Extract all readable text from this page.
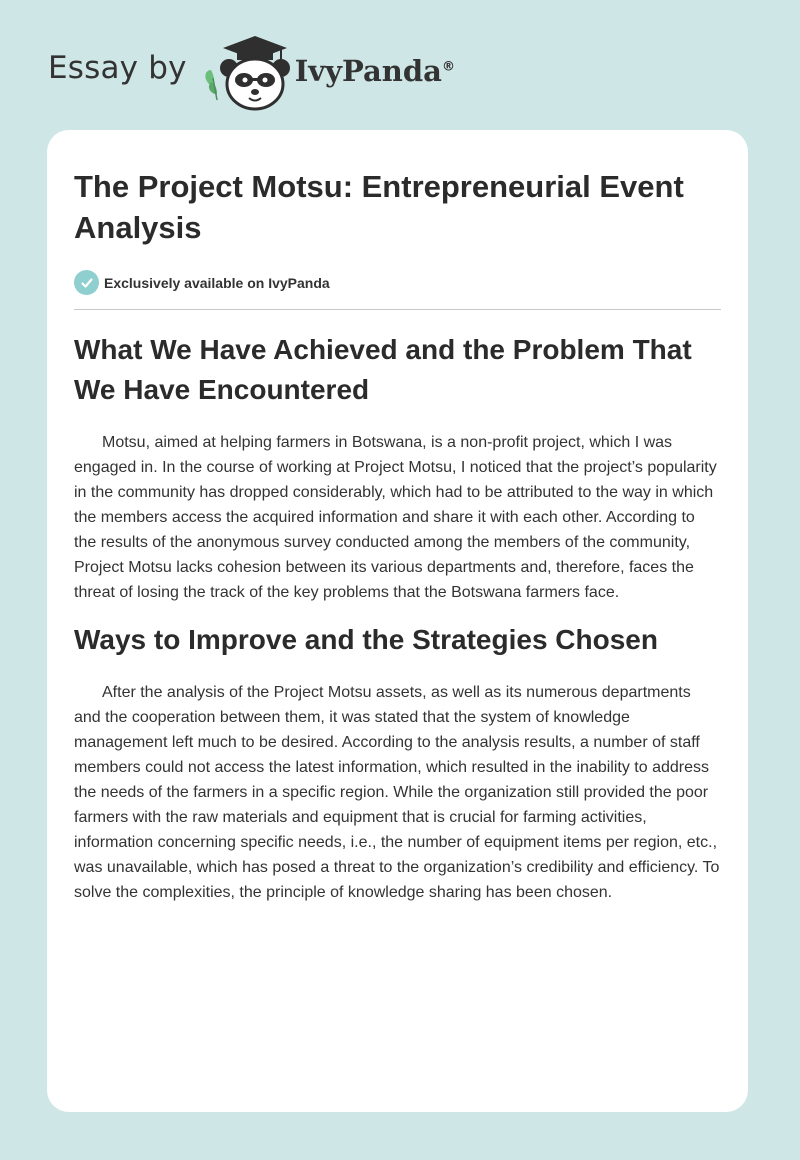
Essay by	IvyPanda®
The Project Motsu: Entrepreneurial Event Analysis
Exclusively available on IvyPanda
What We Have Achieved and the Problem That We Have Encountered

Motsu, aimed at helping farmers in Botswana, is a non-profit project, which I was engaged in. In the course of working at Project Motsu, I noticed that the project’s popularity in the community has dropped considerably, which had to be attributed to the way in which the members access the acquired information and share it with each other. According to the results of the anonymous survey conducted among the members of the community, Project Motsu lacks cohesion between its various departments and, therefore, faces the threat of losing the track of the key problems that the Botswana farmers face.

Ways to Improve and the Strategies Chosen

After the analysis of the Project Motsu assets, as well as its numerous departments and the cooperation between them, it was stated that the system of knowledge management left much to be desired. According to the analysis results, a number of staff members could not access the latest information, which resulted in the inability to address the needs of the farmers in a specific region. While the organization still provided the poor farmers with the raw materials and equipment that is crucial for farming activities, information concerning specific needs, i.e., the number of equipment items per region, etc., was unavailable, which has posed a threat to the organization’s credibility and efficiency. To solve the complexities, the principle of knowledge sharing has been chosen.
